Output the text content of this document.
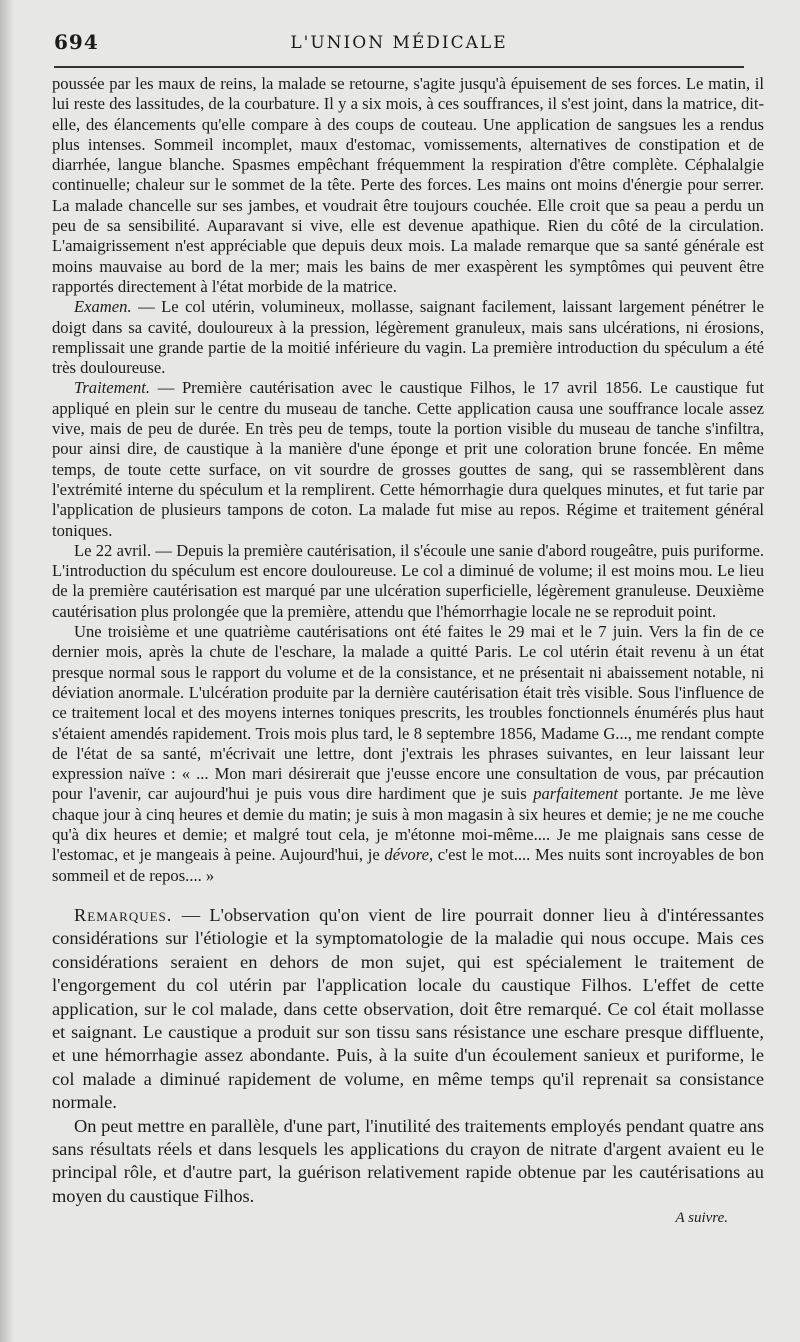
694	L'UNION MÉDICALE

poussée par les maux de reins, la malade se retourne, s'agite jusqu'à épuisement de ses forces. Le matin, il lui reste des lassitudes, de la courbature. Il y a six mois, à ces souffrances, il s'est joint, dans la matrice, dit-elle, des élancements qu'elle compare à des coups de couteau. Une application de sangsues les a rendus plus intenses. Sommeil incomplet, maux d'estomac, vomissements, alternatives de constipation et de diarrhée, langue blanche. Spasmes empêchant fréquemment la respiration d'être complète. Céphalalgie continuelle; chaleur sur le sommet de la tête. Perte des forces. Les mains ont moins d'énergie pour serrer. La malade chancelle sur ses jambes, et voudrait être toujours couchée. Elle croit que sa peau a perdu un peu de sa sensibilité. Auparavant si vive, elle est devenue apathique. Rien du côté de la circulation. L'amaigrissement n'est appréciable que depuis deux mois. La malade remarque que sa santé générale est moins mauvaise au bord de la mer; mais les bains de mer exaspèrent les symptômes qui peuvent être rapportés directement à l'état morbide de la matrice.

Examen. — Le col utérin, volumineux, mollasse, saignant facilement, laissant largement pénétrer le doigt dans sa cavité, douloureux à la pression, légèrement granuleux, mais sans ulcérations, ni érosions, remplissait une grande partie de la moitié inférieure du vagin. La première introduction du spéculum a été très douloureuse.

Traitement. — Première cautérisation avec le caustique Filhos, le 17 avril 1856. Le caustique fut appliqué en plein sur le centre du museau de tanche. Cette application causa une souffrance locale assez vive, mais de peu de durée. En très peu de temps, toute la portion visible du museau de tanche s'infiltra, pour ainsi dire, de caustique à la manière d'une éponge et prit une coloration brune foncée. En même temps, de toute cette surface, on vit sourdre de grosses gouttes de sang, qui se rassemblèrent dans l'extrémité interne du spéculum et la remplirent. Cette hémorrhagie dura quelques minutes, et fut tarie par l'application de plusieurs tampons de coton. La malade fut mise au repos. Régime et traitement général toniques.

Le 22 avril. — Depuis la première cautérisation, il s'écoule une sanie d'abord rougeâtre, puis puriforme. L'introduction du spéculum est encore douloureuse. Le col a diminué de volume; il est moins mou. Le lieu de la première cautérisation est marqué par une ulcération superficielle, légèrement granuleuse. Deuxième cautérisation plus prolongée que la première, attendu que l'hémorrhagie locale ne se reproduit point.

Une troisième et une quatrième cautérisations ont été faites le 29 mai et le 7 juin. Vers la fin de ce dernier mois, après la chute de l'eschare, la malade a quitté Paris. Le col utérin était revenu à un état presque normal sous le rapport du volume et de la consistance, et ne présentait ni abaissement notable, ni déviation anormale. L'ulcération produite par la dernière cautérisation était très visible. Sous l'influence de ce traitement local et des moyens internes toniques prescrits, les troubles fonctionnels énumérés plus haut s'étaient amendés rapidement. Trois mois plus tard, le 8 septembre 1856, Madame G..., me rendant compte de l'état de sa santé, m'écrivait une lettre, dont j'extrais les phrases suivantes, en leur laissant leur expression naïve : « ... Mon mari désirerait que j'eusse encore une consultation de vous, par précaution pour l'avenir, car aujourd'hui je puis vous dire hardiment que je suis parfaitement portante. Je me lève chaque jour à cinq heures et demie du matin; je suis à mon magasin à six heures et demie; je ne me couche qu'à dix heures et demie; et malgré tout cela, je m'étonne moi-même.... Je me plaignais sans cesse de l'estomac, et je mangeais à peine. Aujourd'hui, je dévore, c'est le mot.... Mes nuits sont incroyables de bon sommeil et de repos.... »

Remarques. — L'observation qu'on vient de lire pourrait donner lieu à d'intéressantes considérations sur l'étiologie et la symptomatologie de la maladie qui nous occupe. Mais ces considérations seraient en dehors de mon sujet, qui est spécialement le traitement de l'engorgement du col utérin par l'application locale du caustique Filhos. L'effet de cette application, sur le col malade, dans cette observation, doit être remarqué. Ce col était mollasse et saignant. Le caustique a produit sur son tissu sans résistance une eschare presque diffluente, et une hémorrhagie assez abondante. Puis, à la suite d'un écoulement sanieux et puriforme, le col malade a diminué rapidement de volume, en même temps qu'il reprenait sa consistance normale.

On peut mettre en parallèle, d'une part, l'inutilité des traitements employés pendant quatre ans sans résultats réels et dans lesquels les applications du crayon de nitrate d'argent avaient eu le principal rôle, et d'autre part, la guérison relativement rapide obtenue par les cautérisations au moyen du caustique Filhos.

A suivre.
